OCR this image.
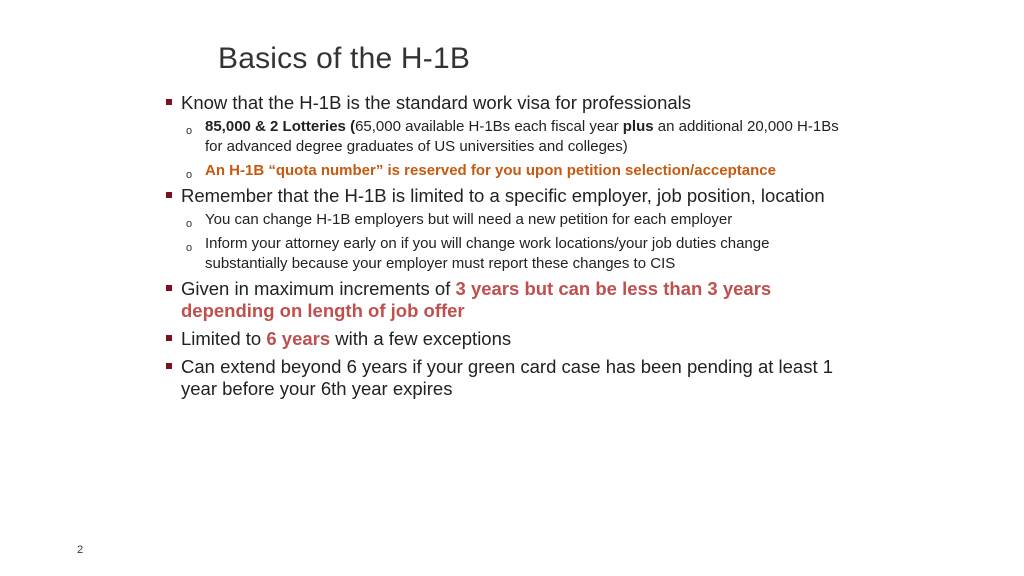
Basics of the H-1B
Know that the H-1B is the standard work visa for professionals
o 85,000 & 2 Lotteries (65,000 available H-1Bs each fiscal year plus an additional 20,000 H-1Bs for advanced degree graduates of US universities and colleges)
o An H-1B “quota number” is reserved for you upon petition selection/acceptance
Remember that the H-1B is limited to a specific employer, job position, location
o You can change H-1B employers but will need a new petition for each employer
o Inform your attorney early on if you will change work locations/your job duties change substantially because your employer must report these changes to CIS
Given in maximum increments of 3 years but can be less than 3 years depending on length of job offer
Limited to 6 years with a few exceptions
Can extend beyond 6 years if your green card case has been pending at least 1 year before your 6th year expires
2
